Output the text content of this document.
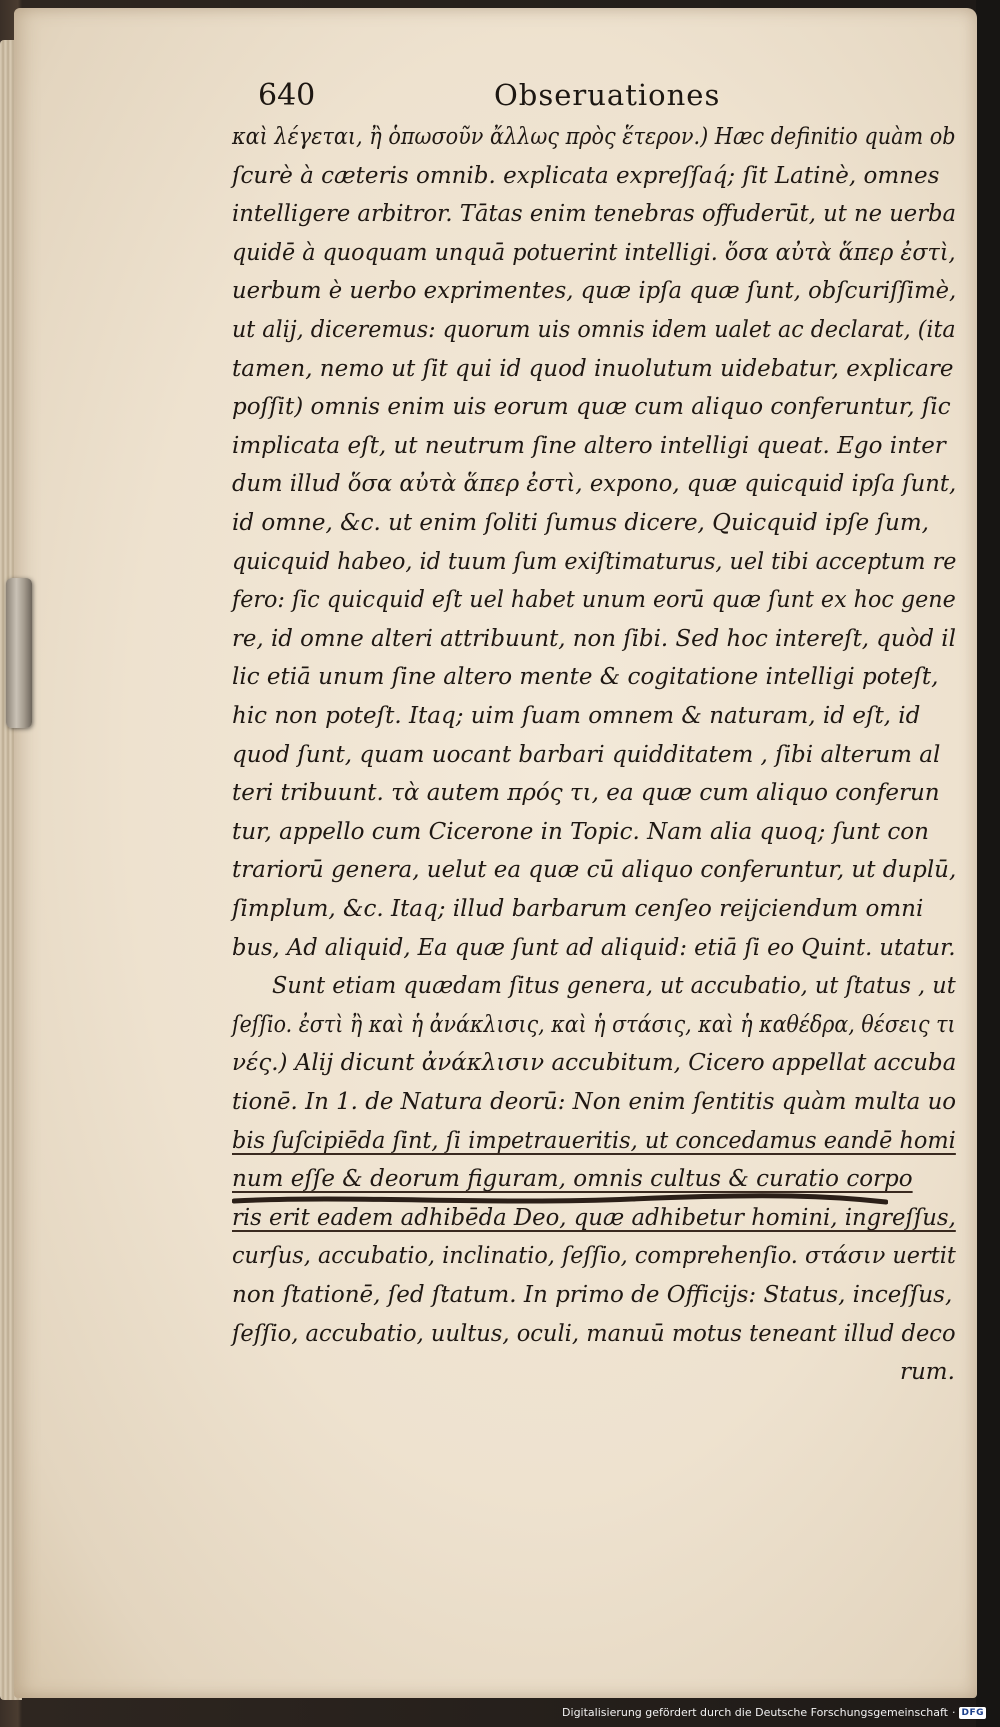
640	Obseruationes
καὶ λέγεται, ἢ ὁπωσοῦν ἄλλως πρὸς ἕτερον.) Hæc definitio quàm ob
ſcurè à cæteris omnib. explicata expreſſaq́; ſit Latinè, omnes
intelligere arbitror. Tātas enim tenebras offuderūt, ut ne uerba
quidē à quoquam unquā potuerint intelligi. ὅσα αὐτὰ ἅπερ ἐστὶ,
uerbum è uerbo exprimentes, quæ ipſa quæ ſunt, obſcuriſſimè,
ut alij, diceremus: quorum uis omnis idem ualet ac declarat, (ita
tamen, nemo ut ſit qui id quod inuolutum uidebatur, explicare
poſſit) omnis enim uis eorum quæ cum aliquo conferuntur, ſic
implicata eſt, ut neutrum ſine altero intelligi queat. Ego inter
dum illud ὅσα αὐτὰ ἅπερ ἐστὶ, expono, quæ quicquid ipſa ſunt,
id omne, &c. ut enim ſoliti ſumus dicere, Quicquid ipſe ſum,
quicquid habeo, id tuum ſum exiſtimaturus, uel tibi acceptum re
fero: ſic quicquid eſt uel habet unum eorū quæ ſunt ex hoc gene
re, id omne alteri attribuunt, non ſibi. Sed hoc intereſt, quòd il
lic etiā unum ſine altero mente & cogitatione intelligi poteſt,
hic non poteſt. Itaq; uim ſuam omnem & naturam, id eſt, id
quod ſunt, quam uocant barbari quidditatem , ſibi alterum al
teri tribuunt. τὰ autem πρός τι, ea quæ cum aliquo conferun
tur, appello cum Cicerone in Topic. Nam alia quoq; ſunt con
trariorū genera, uelut ea quæ cū aliquo conferuntur, ut duplū,
ſimplum, &c. Itaq; illud barbarum cenſeo reijciendum omni
bus, Ad aliquid, Ea quæ ſunt ad aliquid: etiā ſi eo Quint. utatur.
Sunt etiam quædam ſitus genera, ut accubatio, ut ſtatus , ut
ſeſſio. ἐστὶ ἢ καὶ ἡ ἀνάκλισις, καὶ ἡ στάσις, καὶ ἡ καθέδρα, θέσεις τι
νές.) Alij dicunt ἀνάκλισιν accubitum, Cicero appellat accuba
tionē. In 1. de Natura deorū: Non enim ſentitis quàm multa uo
bis ſuſcipiēda ſint, ſi impetraueritis, ut concedamus eandē homi
num eſſe & deorum figuram, omnis cultus & curatio corpo
ris erit eadem adhibēda Deo, quæ adhibetur homini, ingreſſus,
curſus, accubatio, inclinatio, ſeſſio, comprehenſio. στάσιν uertit
non ſtationē, ſed ſtatum. In primo de Officijs: Status, inceſſus,
ſeſſio, accubatio, uultus, oculi, manuū motus teneant illud deco
rum.
Digitalisierung gefördert durch die Deutsche Forschungsgemeinschaft · DFG
